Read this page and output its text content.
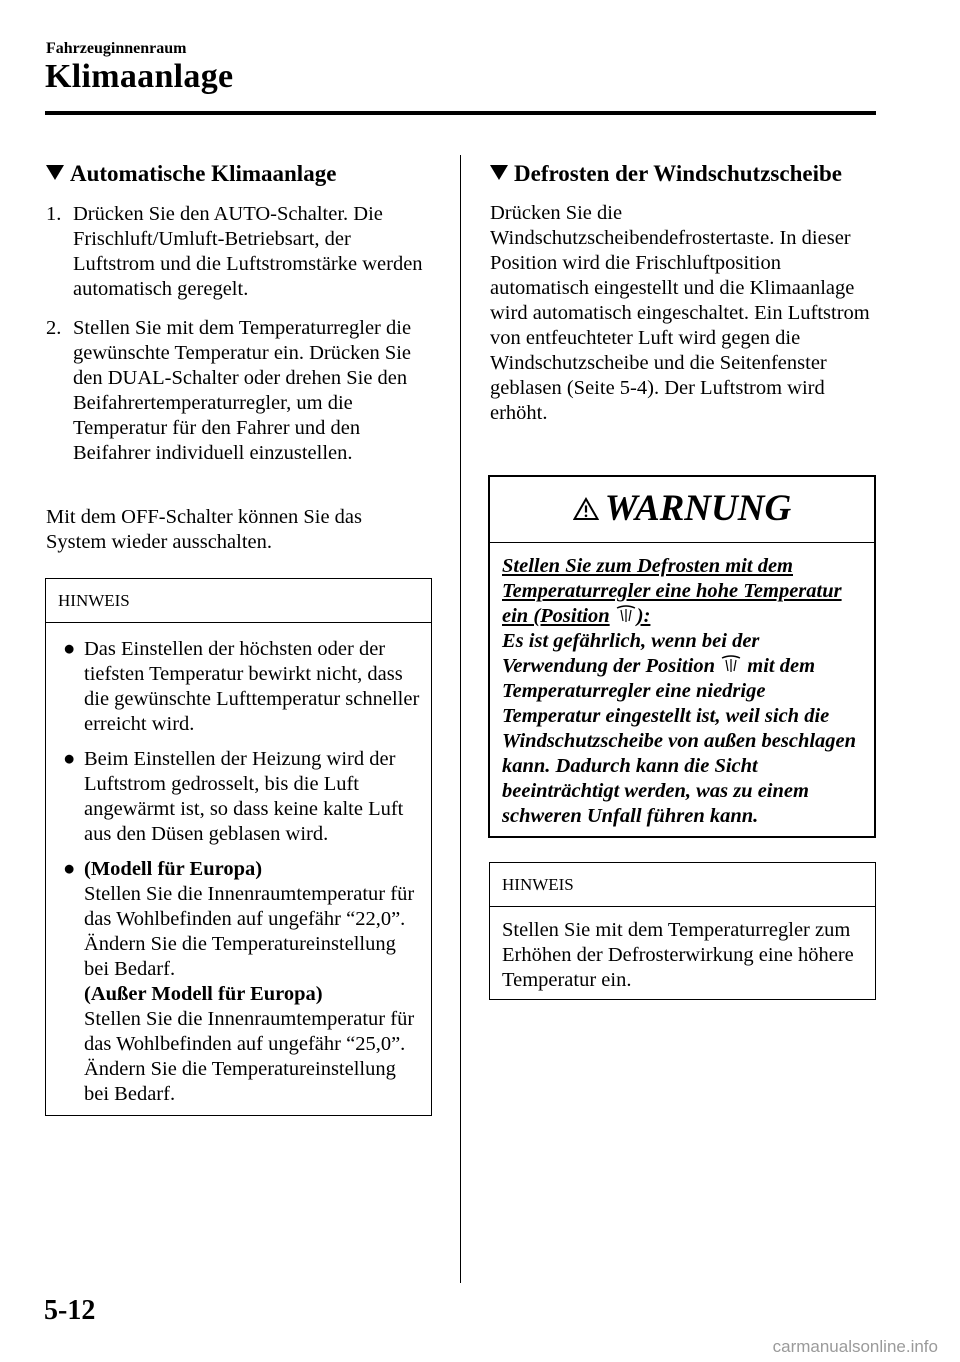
Fahrzeuginnenraum
Klimaanlage
Automatische Klimaanlage
1. Drücken Sie den AUTO-Schalter. Die Frischluft/Umluft-Betriebsart, der Luftstrom und die Luftstromstärke werden automatisch geregelt.
2. Stellen Sie mit dem Temperaturregler die gewünschte Temperatur ein. Drücken Sie den DUAL-Schalter oder drehen Sie den Beifahrertemperaturregler, um die Temperatur für den Fahrer und den Beifahrer individuell einzustellen.
Mit dem OFF-Schalter können Sie das System wieder ausschalten.
HINWEIS
● Das Einstellen der höchsten oder der tiefsten Temperatur bewirkt nicht, dass die gewünschte Lufttemperatur schneller erreicht wird.
● Beim Einstellen der Heizung wird der Luftstrom gedrosselt, bis die Luft angewärmt ist, so dass keine kalte Luft aus den Düsen geblasen wird.
● (Modell für Europa)
Stellen Sie die Innenraumtemperatur für das Wohlbefinden auf ungefähr “22,0”. Ändern Sie die Temperatureinstellung bei Bedarf.
(Außer Modell für Europa)
Stellen Sie die Innenraumtemperatur für das Wohlbefinden auf ungefähr “25,0”. Ändern Sie die Temperatureinstellung bei Bedarf.
Defrosten der Windschutzscheibe
Drücken Sie die Windschutzscheibendefrostertaste. In dieser Position wird die Frischluftposition automatisch eingestellt und die Klimaanlage wird automatisch eingeschaltet. Ein Luftstrom von entfeuchteter Luft wird gegen die Windschutzscheibe und die Seitenfenster geblasen (Seite 5-4). Der Luftstrom wird erhöht.
WARNUNG
Stellen Sie zum Defrosten mit dem Temperaturregler eine hohe Temperatur ein (Position ):
Es ist gefährlich, wenn bei der Verwendung der Position mit dem Temperaturregler eine niedrige Temperatur eingestellt ist, weil sich die Windschutzscheibe von außen beschlagen kann. Dadurch kann die Sicht beeinträchtigt werden, was zu einem schweren Unfall führen kann.
HINWEIS
Stellen Sie mit dem Temperaturregler zum Erhöhen der Defrosterwirkung eine höhere Temperatur ein.
5-12
carmanualsonline.info
